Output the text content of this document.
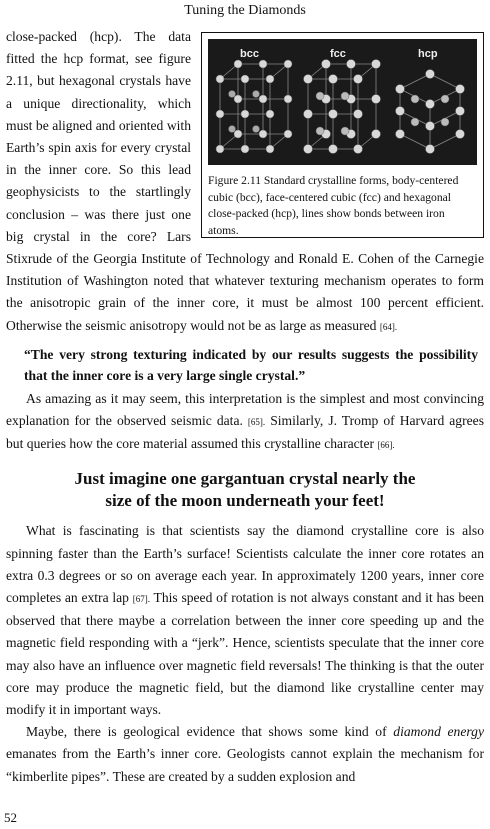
Tuning the Diamonds
bcc	fcc	hcp
Figure 2.11 Standard crystalline forms, body-centered cubic (bcc), face-centered cubic (fcc) and hexagonal close-packed (hcp), lines show bonds between iron atoms.

close-packed (hcp). The data fitted the hcp format, see figure 2.11, but hexagonal crystals have a unique directionality, which must be aligned and oriented with Earth’s spin axis for every crystal in the inner core. So this lead geophysicists to the startlingly conclusion – was there just one big crystal in the core? Lars Stixrude of the Georgia Institute of Technology and Ronald E. Cohen of the Carnegie Institution of Washington noted that whatever texturing mechanism operates to form the anisotropic grain of the inner core, it must be almost 100 percent efficient. Otherwise the seismic anisotropy would not be as large as measured [64].

“The very strong texturing indicated by our results suggests the possibility that the inner core is a very large single crystal.”

As amazing as it may seem, this interpretation is the simplest and most convincing explanation for the observed seismic data. [65]. Similarly, J. Tromp of Harvard agrees but queries how the core material assumed this crystalline character [66].

Just imagine one gargantuan crystal nearly the
size of the moon underneath your feet!

What is fascinating is that scientists say the diamond crystalline core is also spinning faster than the Earth’s surface! Scientists calculate the inner core rotates an extra 0.3 degrees or so on average each year. In approximately 1200 years, inner core completes an extra lap [67]. This speed of rotation is not always constant and it has been observed that there maybe a correlation between the inner core speeding up and the magnetic field responding with a “jerk”. Hence, scientists speculate that the inner core may also have an influence over magnetic field reversals! The thinking is that the outer core may produce the magnetic field, but the diamond like crystalline center may modify it in important ways.

Maybe, there is geological evidence that shows some kind of diamond energy emanates from the Earth’s inner core. Geologists cannot explain the mechanism for “kimberlite pipes”. These are created by a sudden explosion and

52
